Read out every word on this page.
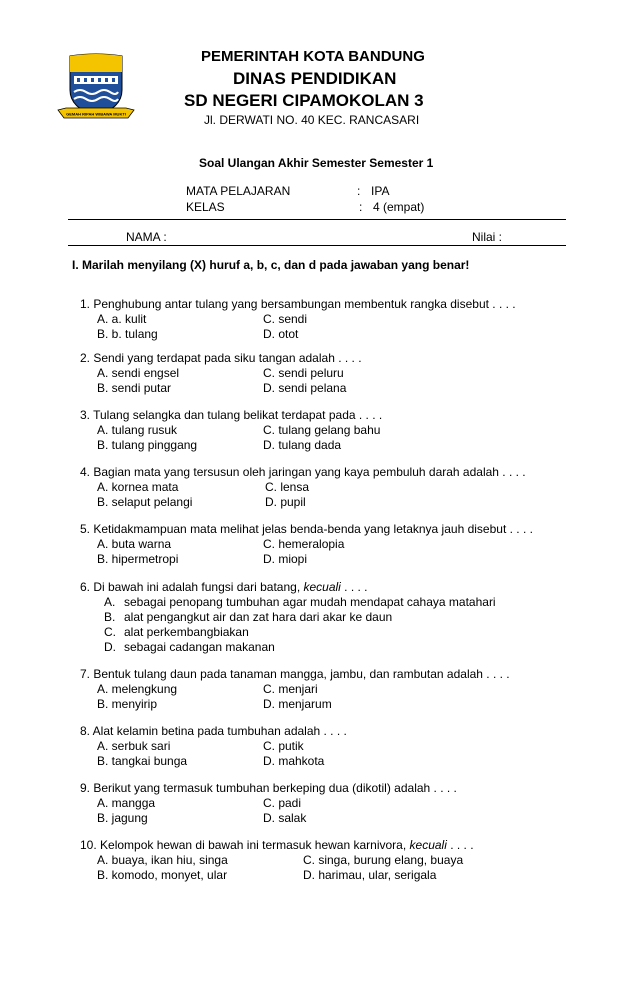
GEMAH RIPAH WIBAWA MUKTI
PEMERINTAH KOTA BANDUNG
DINAS PENDIDIKAN
SD NEGERI CIPAMOKOLAN 3
Jl. DERWATI NO. 40 KEC. RANCASARI
Soal Ulangan Akhir Semester Semester 1
MATA PELAJARAN	: IPA
KELAS	: 4 (empat)
NAMA :	Nilai :
I. Marilah menyilang (X) huruf a, b, c, dan d pada jawaban yang benar!
1. Penghubung antar tulang yang bersambungan membentuk rangka disebut . . . .
A. a. kulit	C. sendi
B. b. tulang	D. otot
2. Sendi yang terdapat pada siku tangan adalah . . . .
A. sendi engsel	C. sendi peluru
B. sendi putar	D. sendi pelana
3. Tulang selangka dan tulang belikat terdapat pada . . . .
A. tulang rusuk	C. tulang gelang bahu
B. tulang pinggang	D. tulang dada
4. Bagian mata yang tersusun oleh jaringan yang kaya pembuluh darah adalah . . . .
A. kornea mata	C. lensa
B. selaput pelangi	D. pupil
5. Ketidakmampuan mata melihat jelas benda-benda yang letaknya jauh disebut . . . .
A. buta warna	C. hemeralopia
B. hipermetropi	D. miopi
6. Di bawah ini adalah fungsi dari batang, kecuali . . . .
A. sebagai penopang tumbuhan agar mudah mendapat cahaya matahari
B. alat pengangkut air dan zat hara dari akar ke daun
C. alat perkembangbiakan
D. sebagai cadangan makanan
7. Bentuk tulang daun pada tanaman mangga, jambu, dan rambutan adalah . . . .
A. melengkung	C. menjari
B. menyirip	D. menjarum
8. Alat kelamin betina pada tumbuhan adalah . . . .
A. serbuk sari	C. putik
B. tangkai bunga	D. mahkota
9. Berikut yang termasuk tumbuhan berkeping dua (dikotil) adalah . . . .
A. mangga	C. padi
B. jagung	D. salak
10. Kelompok hewan di bawah ini termasuk hewan karnivora, kecuali . . . .
A. buaya, ikan hiu, singa	C. singa, burung elang, buaya
B. komodo, monyet, ular	D. harimau, ular, serigala
